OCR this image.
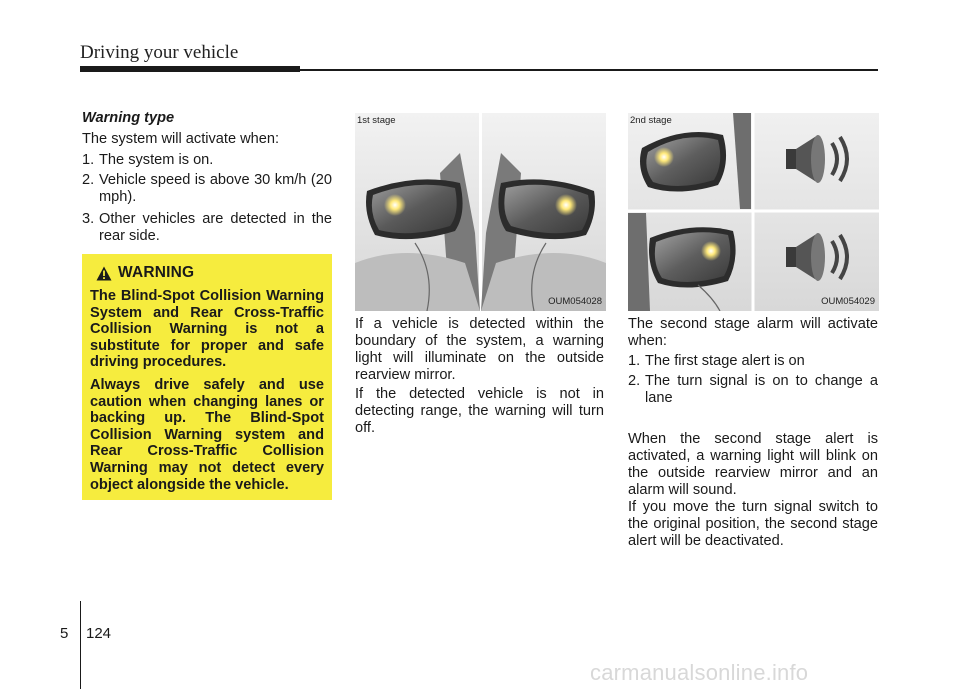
Driving your vehicle
Warning type
The system will activate when:
1. The system is on.
2. Vehicle speed is above 30 km/h (20 mph).
3. Other vehicles are detected in the rear side.
WARNING
The Blind-Spot Collision Warning System and Rear Cross-Traffic Collision Warning is not a substitute for proper and safe driving procedures.
Always drive safely and use caution when changing lanes or backing up. The Blind-Spot Collision Warning system and Rear Cross-Traffic Collision Warning may not detect every object alongside the vehicle.
1st stage
OUM054028
2nd stage
OUM054029
If a vehicle is detected within the boundary of the system, a warning light will illuminate on the outside rearview mirror.
If the detected vehicle is not in detecting range, the warning will turn off.
The second stage alarm will activate when:
1. The first stage alert is on
2. The turn signal is on to change a lane
When the second stage alert is activated, a warning light will blink on the outside rearview mirror and an alarm will sound.
If you move the turn signal switch to the original position, the second stage alert will be deactivated.
5 124
carmanualsonline.info
